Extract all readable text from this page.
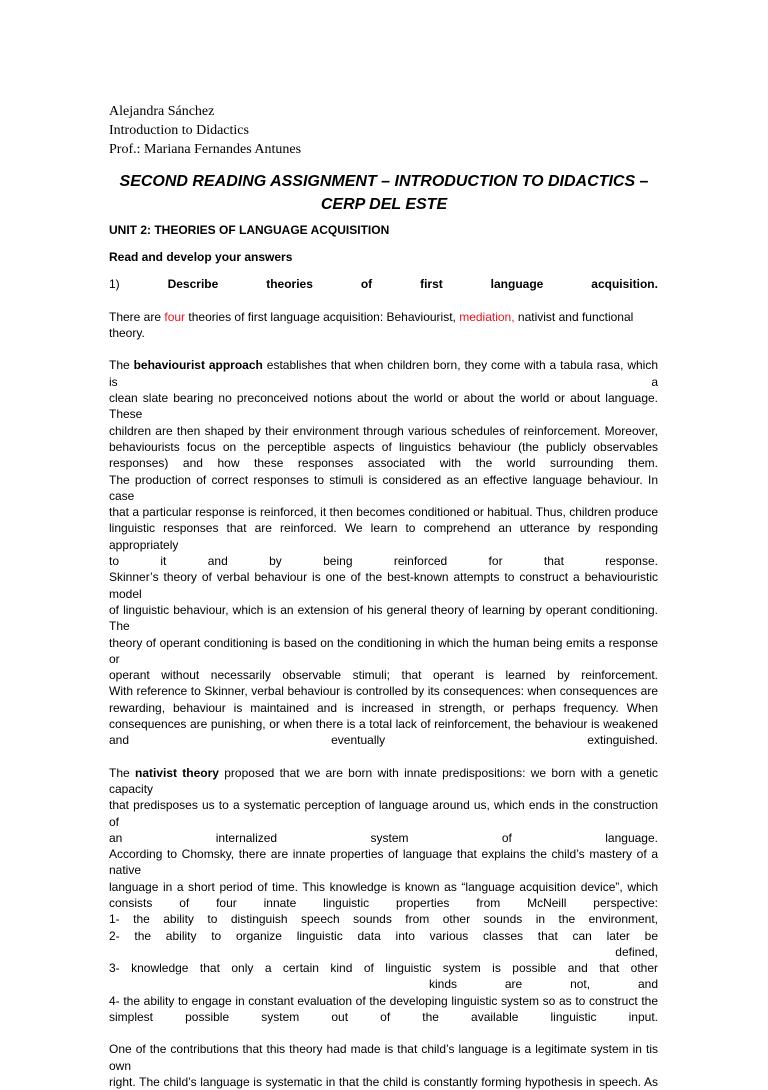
Alejandra Sánchez
Introduction to Didactics
Prof.: Mariana Fernandes Antunes
SECOND READING ASSIGNMENT – INTRODUCTION TO DIDACTICS –
CERP DEL ESTE

UNIT 2: THEORIES OF LANGUAGE ACQUISITION

Read and develop your answers

1)	Describe	theories	of	first	language	acquisition.

There are four theories of first language acquisition: Behaviourist, mediation, nativist and functional theory.

The behaviourist approach establishes that when children born, they come with a tabula rasa, which is a
clean slate bearing no preconceived notions about the world or about the world or about language. These
children are then shaped by their environment through various schedules of reinforcement. Moreover,
behaviourists focus on the perceptible aspects of linguistics behaviour (the publicly observables
responses) and how these responses associated with the world surrounding them.
The production of correct responses to stimuli is considered as an effective language behaviour. In case
that a particular response is reinforced, it then becomes conditioned or habitual. Thus, children produce
linguistic responses that are reinforced. We learn to comprehend an utterance by responding appropriately
to it and by being reinforced for that response.
Skinner’s theory of verbal behaviour is one of the best-known attempts to construct a behaviouristic model
of linguistic behaviour, which is an extension of his general theory of learning by operant conditioning. The
theory of operant conditioning is based on the conditioning in which the human being emits a response or
operant without necessarily observable stimuli; that operant is learned by reinforcement.
With reference to Skinner, verbal behaviour is controlled by its consequences: when consequences are
rewarding, behaviour is maintained and is increased in strength, or perhaps frequency. When
consequences are punishing, or when there is a total lack of reinforcement, the behaviour is weakened
and eventually extinguished.
The nativist theory proposed that we are born with innate predispositions: we born with a genetic capacity
that predisposes us to a systematic perception of language around us, which ends in the construction of
an internalized system of language.
According to Chomsky, there are innate properties of language that explains the child’s mastery of a native
language in a short period of time. This knowledge is known as “language acquisition device”, which
consists of four innate linguistic properties from McNeill perspective:
1- the ability to distinguish speech sounds from other sounds in the environment,
2- the ability to organize linguistic data into various classes that can later be
defined,
3- knowledge that only a certain kind of linguistic system is possible and that other
kinds are not, and
4- the ability to engage in constant evaluation of the developing linguistic system so as to construct the
simplest possible system out of the available linguistic input.
One of the contributions that this theory had made is that child’s language is a legitimate system in tis own
right. The child’s language is systematic in that the child is constantly forming hypothesis in speech. As
